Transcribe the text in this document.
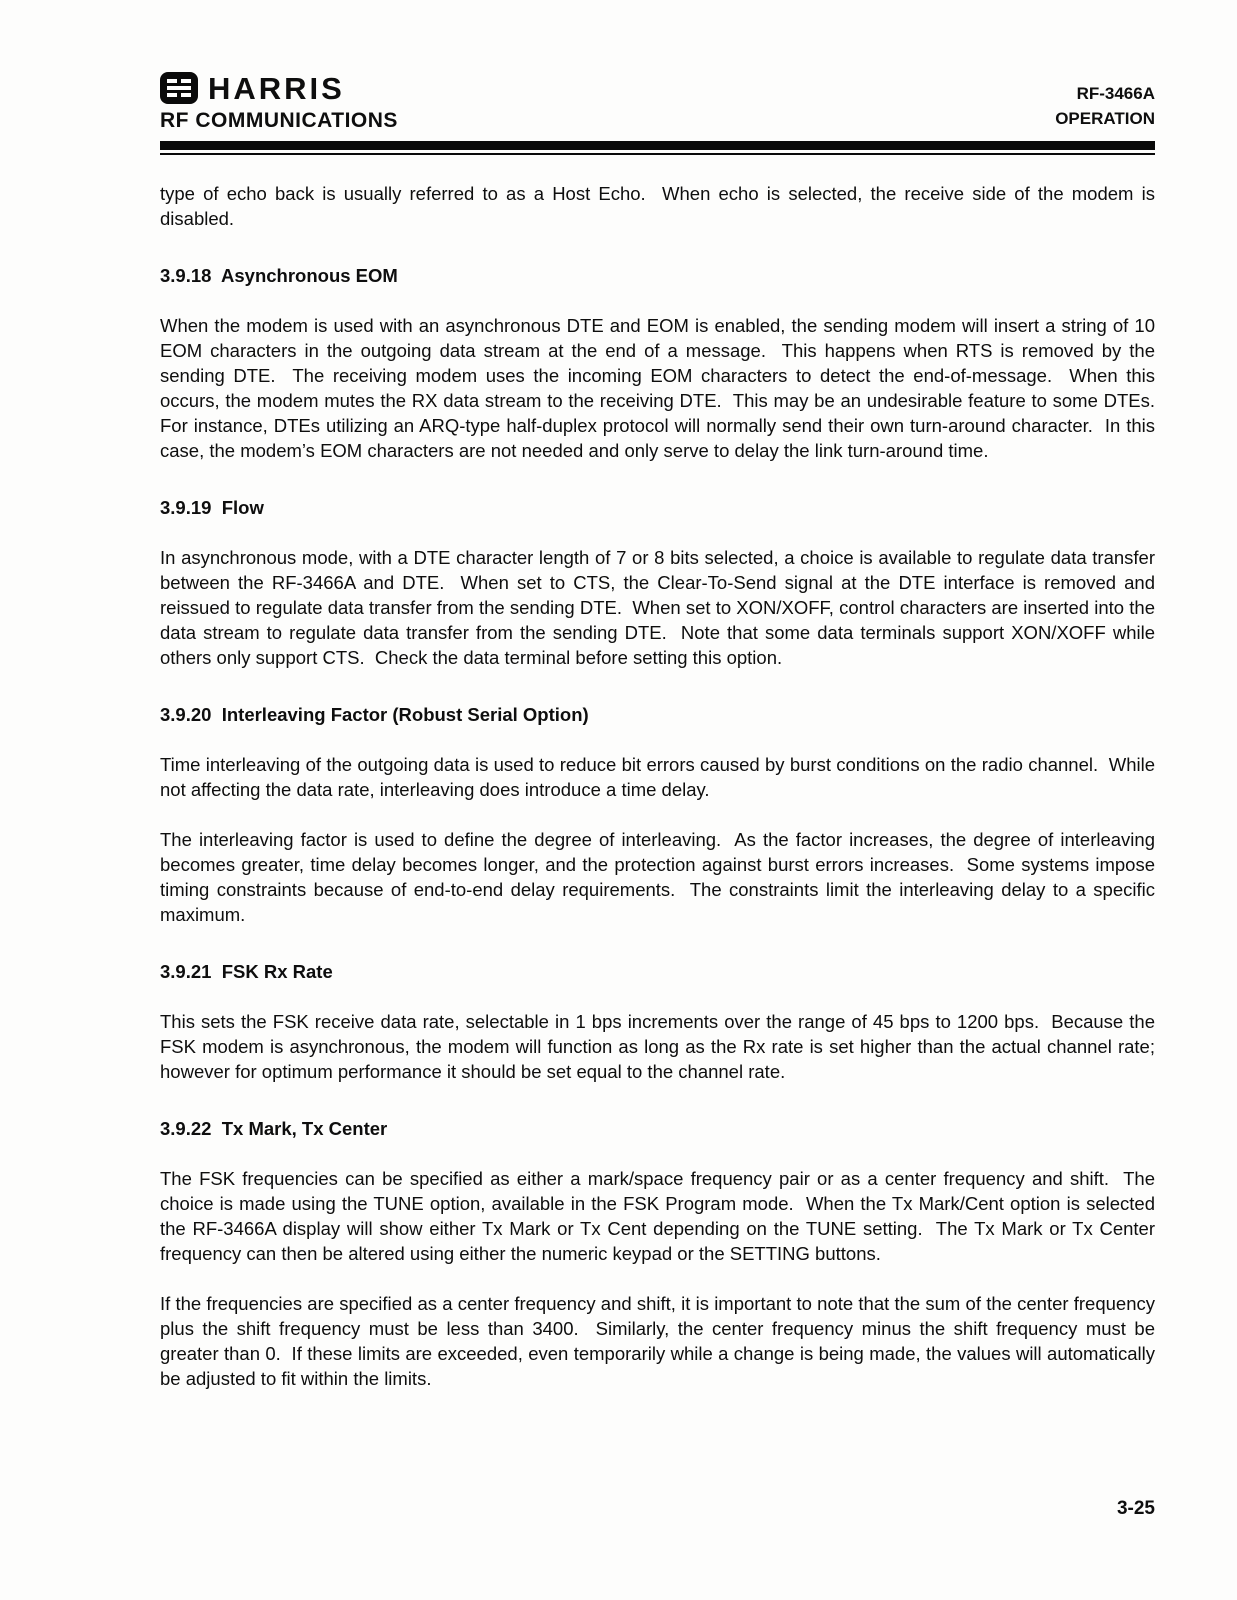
HARRIS
RF COMMUNICATIONS
RF-3466A
OPERATION

type of echo back is usually referred to as a Host Echo.  When echo is selected, the receive side of the modem is disabled.

3.9.18  Asynchronous EOM

When the modem is used with an asynchronous DTE and EOM is enabled, the sending modem will insert a string of 10 EOM characters in the outgoing data stream at the end of a message.  This happens when RTS is removed by the sending DTE.  The receiving modem uses the incoming EOM characters to detect the end-of-message.  When this occurs, the modem mutes the RX data stream to the receiving DTE.  This may be an undesirable feature to some DTEs.  For instance, DTEs utilizing an ARQ-type half-duplex protocol will normally send their own turn-around character.  In this case, the modem’s EOM characters are not needed and only serve to delay the link turn-around time.

3.9.19  Flow

In asynchronous mode, with a DTE character length of 7 or 8 bits selected, a choice is available to regulate data transfer between the RF-3466A and DTE.  When set to CTS, the Clear-To-Send signal at the DTE interface is removed and reissued to regulate data transfer from the sending DTE.  When set to XON/XOFF, control characters are inserted into the data stream to regulate data transfer from the sending DTE.  Note that some data terminals support XON/XOFF while others only support CTS.  Check the data terminal before setting this option.

3.9.20  Interleaving Factor (Robust Serial Option)

Time interleaving of the outgoing data is used to reduce bit errors caused by burst conditions on the radio channel.  While not affecting the data rate, interleaving does introduce a time delay.

The interleaving factor is used to define the degree of interleaving.  As the factor increases, the degree of interleaving becomes greater, time delay becomes longer, and the protection against burst errors increases.  Some systems impose timing constraints because of end-to-end delay requirements.  The constraints limit the interleaving delay to a specific maximum.

3.9.21  FSK Rx Rate

This sets the FSK receive data rate, selectable in 1 bps increments over the range of 45 bps to 1200 bps.  Because the FSK modem is asynchronous, the modem will function as long as the Rx rate is set higher than the actual channel rate;  however for optimum performance it should be set equal to the channel rate.

3.9.22  Tx Mark, Tx Center

The FSK frequencies can be specified as either a mark/space frequency pair or as a center frequency and shift.  The choice is made using the TUNE option, available in the FSK Program mode.  When the Tx Mark/Cent option is selected the RF-3466A display will show either Tx Mark or Tx Cent depending on the TUNE setting.  The Tx Mark or Tx Center frequency can then be altered using either the numeric keypad or the SETTING buttons.

If the frequencies are specified as a center frequency and shift, it is important to note that the sum of the center frequency plus the shift frequency must be less than 3400.  Similarly, the center frequency minus the shift frequency must be greater than 0.  If these limits are exceeded, even temporarily while a change is being made, the values will automatically be adjusted to fit within the limits.

3-25
